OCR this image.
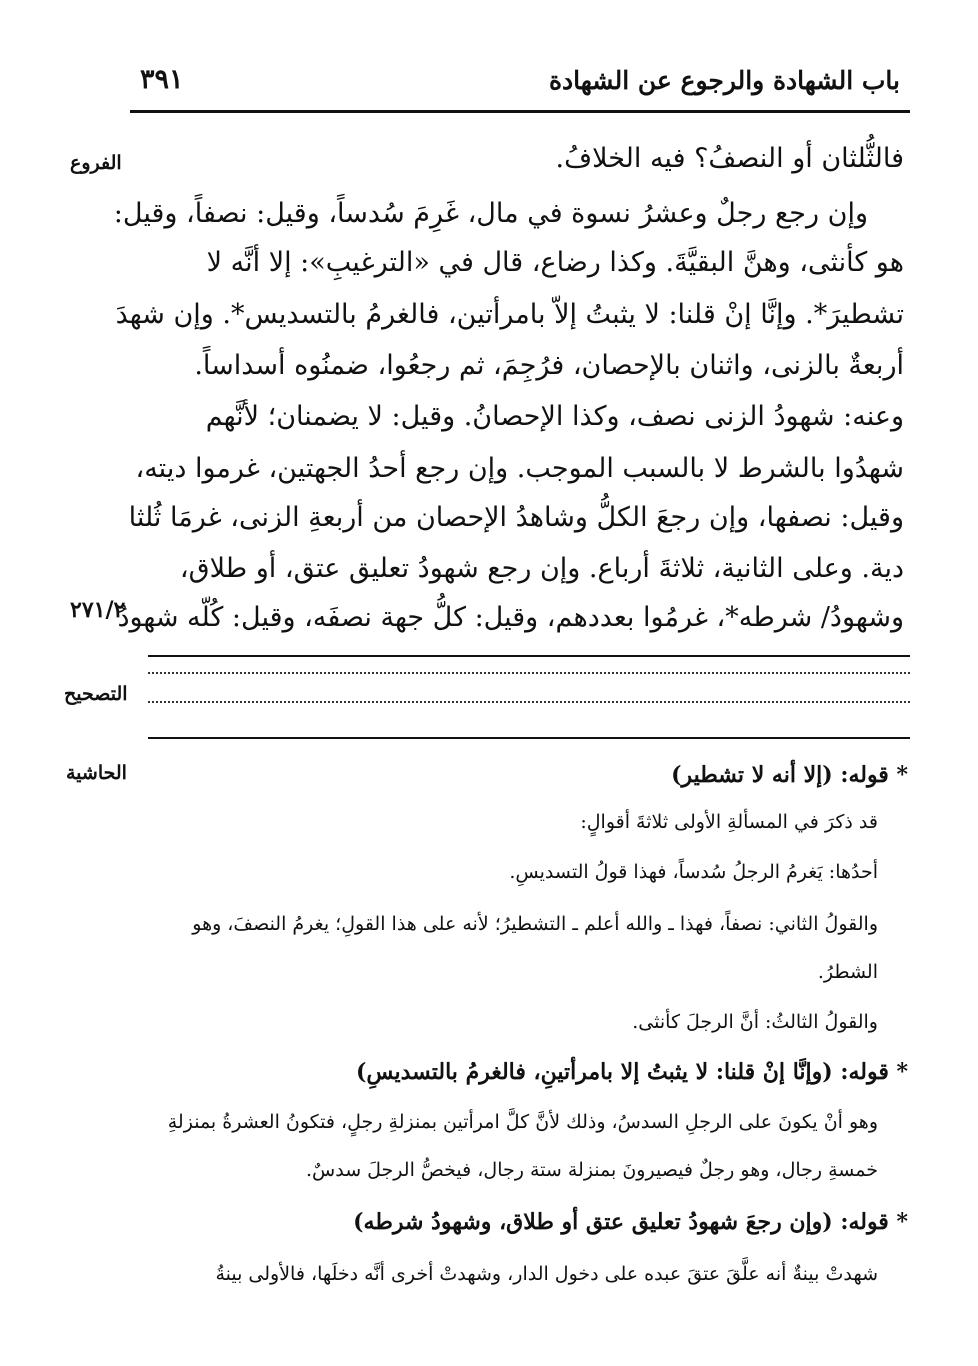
باب الشهادة والرجوع عن الشهادة
٣٩١
الفروع
٢٧١/٢
التصحيح
الحاشية
فالثُّلثان أو النصفُ؟ فيه الخلافُ.
وإن رجع رجلٌ وعشرُ نسوة في مال، غَرِمَ سُدساً، وقيل: نصفاً، وقيل:
هو كأنثى، وهنَّ البقيَّةَ. وكذا رضاع، قال في «الترغيبِ»: إلا أنَّه لا
تشطيرَ*. وإنَّا إنْ قلنا: لا يثبتُ إلاّ بامرأتين، فالغرمُ بالتسديس*. وإن شهدَ
أربعةٌ بالزنى، واثنان بالإحصان، فرُجِمَ، ثم رجعُوا، ضمنُوه أسداساً.
وعنه: شهودُ الزنى نصف، وكذا الإحصانُ. وقيل: لا يضمنان؛ لأنَّهم
شهدُوا بالشرط لا بالسبب الموجب. وإن رجع أحدُ الجهتين، غرموا ديته،
وقيل: نصفها، وإن رجعَ الكلُّ وشاهدُ الإحصان من أربعةِ الزنى، غرمَا ثُلثا
دية. وعلى الثانية، ثلاثةَ أرباع. وإن رجع شهودُ تعليق عتق، أو طلاق،
وشهودُ/ شرطه*، غرمُوا بعددهم، وقيل: كلُّ جهة نصفَه، وقيل: كُلّه شهودُ
* قوله: (إلا أنه لا تشطير)
قد ذكرَ في المسألةِ الأولى ثلاثةَ أقوالٍ:
أحدُها: يَغرمُ الرجلُ سُدساً، فهذا قولُ التسديسِ.
والقولُ الثاني: نصفاً، فهذا ـ والله أعلم ـ التشطيرُ؛ لأنه على هذا القولِ؛ يغرمُ النصفَ، وهو
الشطرُ.
والقولُ الثالثُ: أنَّ الرجلَ كأنثى.
* قوله: (وإنَّا إنْ قلنا: لا يثبتُ إلا بامرأتينِ، فالغرمُ بالتسديسِ)
وهو أنْ يكونَ على الرجلِ السدسُ، وذلك لأنَّ كلَّ امرأتين بمنزلةِ رجلٍ، فتكونُ العشرةُ بمنزلةِ
خمسةِ رجال، وهو رجلٌ فيصيرونَ بمنزلة ستة رجال، فيخصُّ الرجلَ سدسٌ.
* قوله: (وإن رجعَ شهودُ تعليق عتق أو طلاق، وشهودُ شرطه)
شهدتْ بينةٌ أنه علَّقَ عتقَ عبده على دخول الدار، وشهدتْ أخرى أنَّه دخلَها، فالأولى بينةُ
